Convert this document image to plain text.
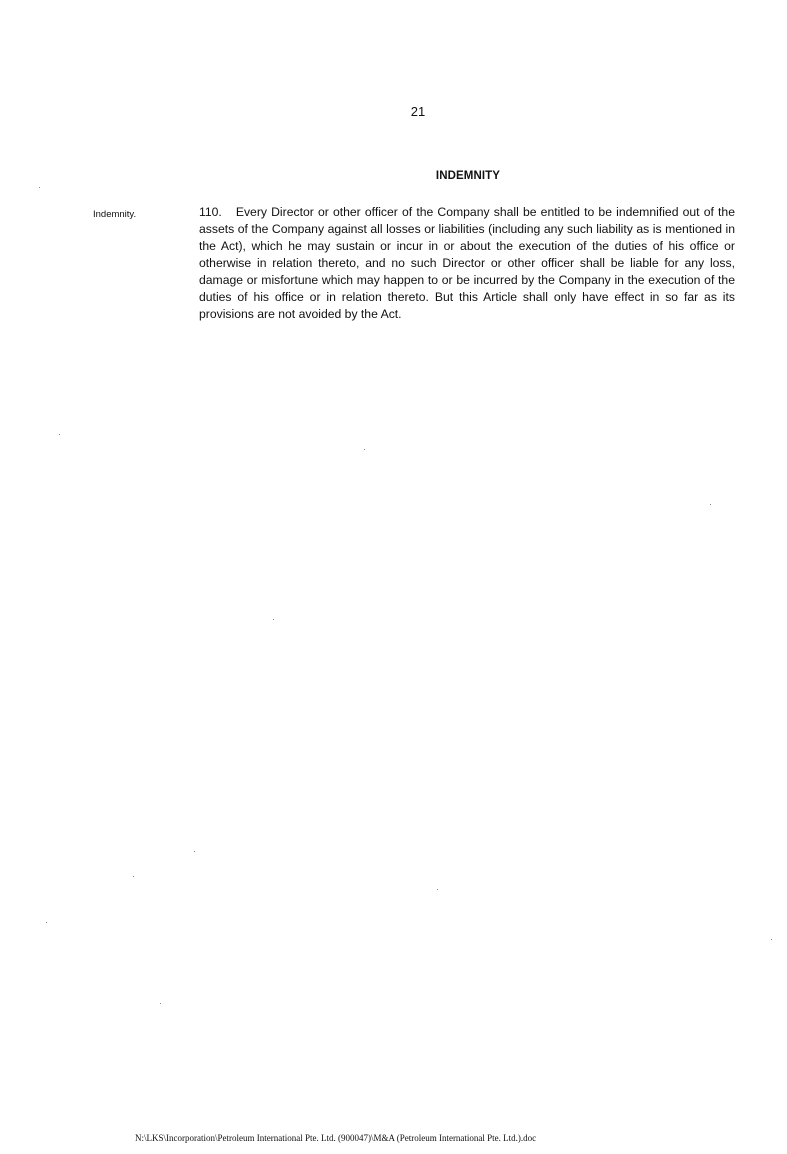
21

INDEMNITY

Indemnity.	110. Every Director or other officer of the Company shall be entitled to be indemnified out of the assets of the Company against all losses or liabilities (including any such liability as is mentioned in the Act), which he may sustain or incur in or about the execution of the duties of his office or otherwise in relation thereto, and no such Director or other officer shall be liable for any loss, damage or misfortune which may happen to or be incurred by the Company in the execution of the duties of his office or in relation thereto. But this Article shall only have effect in so far as its provisions are not avoided by the Act.

N:\LKS\Incorporation\Petroleum International Pte. Ltd. (900047)\M&A (Petroleum International Pte. Ltd.).doc
